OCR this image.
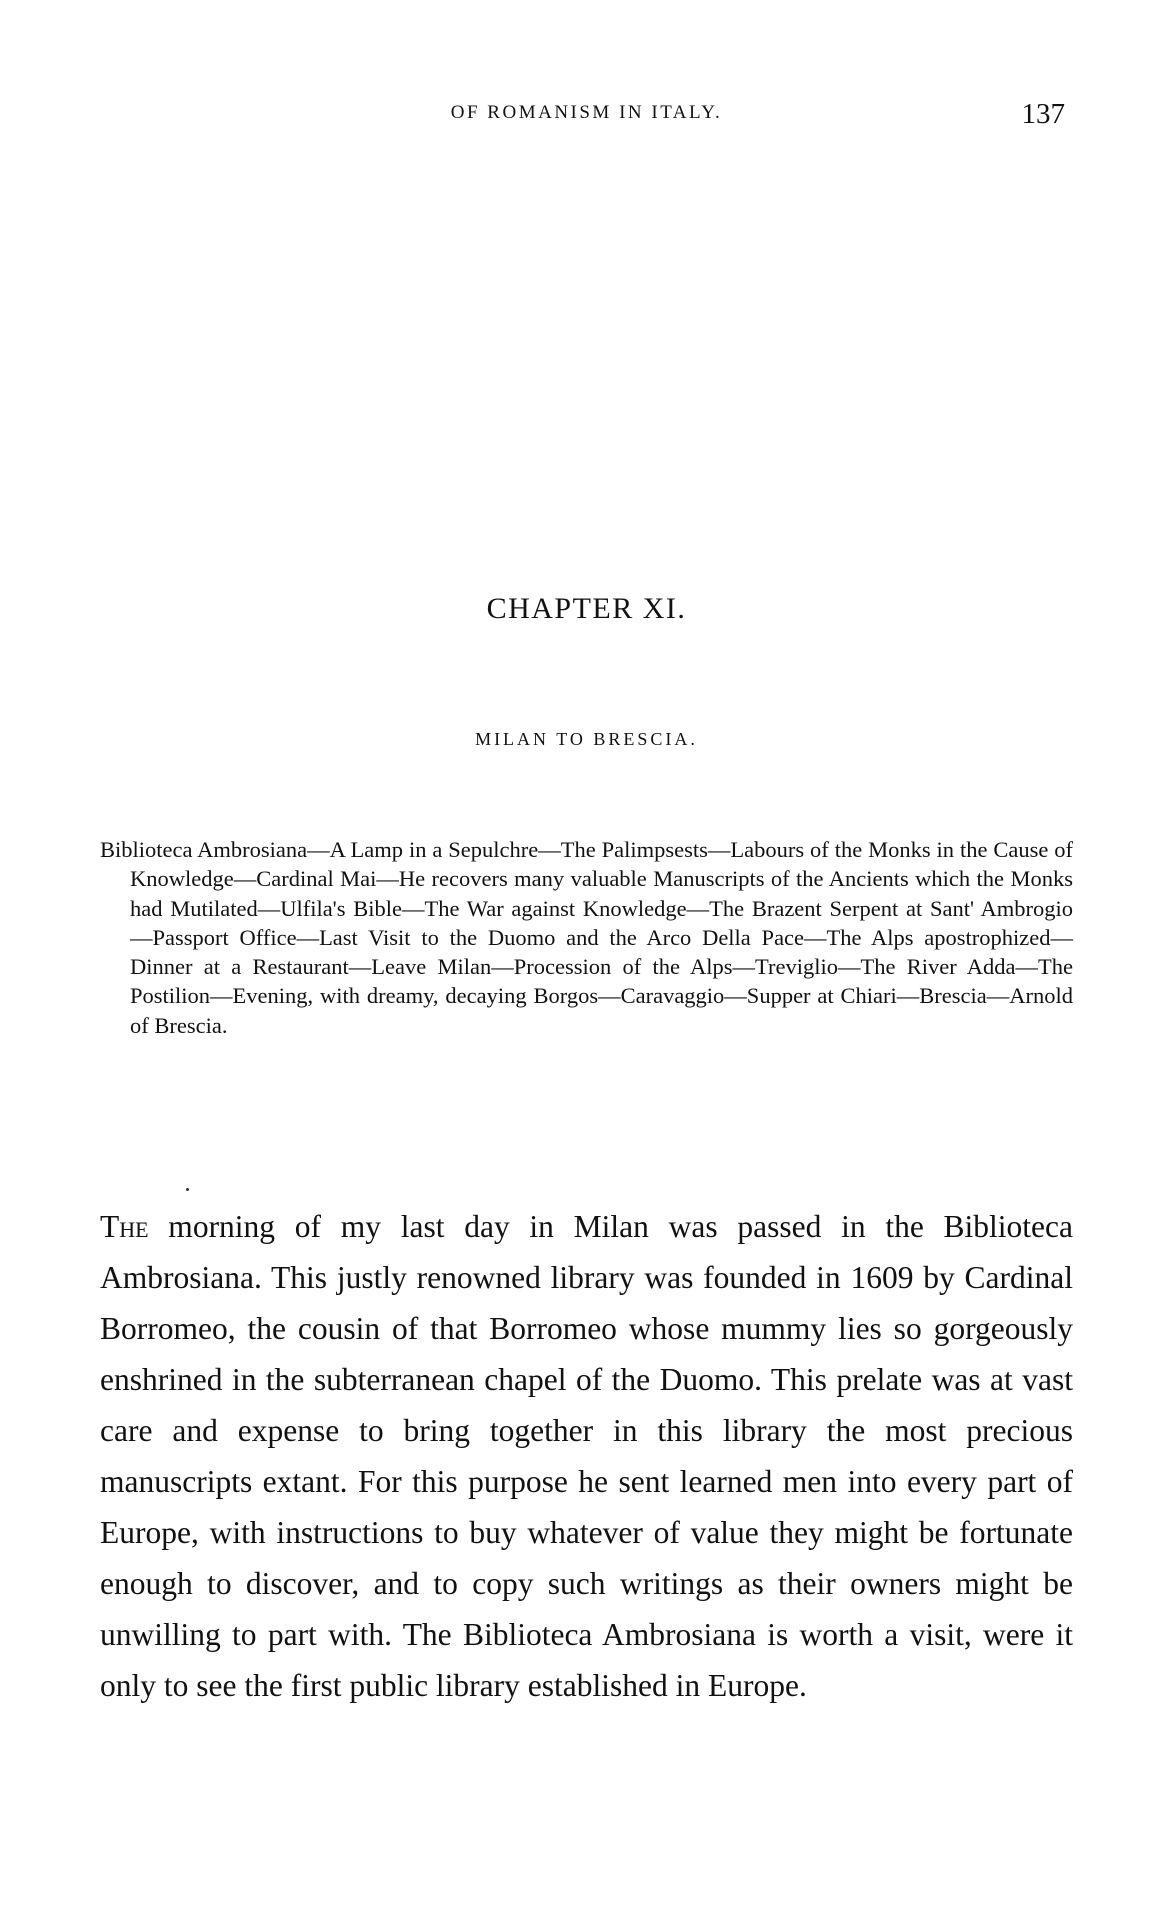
OF ROMANISM IN ITALY.	137
CHAPTER XI.
MILAN TO BRESCIA.

Biblioteca Ambrosiana—A Lamp in a Sepulchre—The Palimpsests—Labours of the Monks in the Cause of Knowledge—Cardinal Mai—He recovers many valuable Manuscripts of the Ancients which the Monks had Mutilated—Ulfila's Bible—The War against Knowledge—The Brazent Serpent at Sant' Ambrogio—Passport Office—Last Visit to the Duomo and the Arco Della Pace—The Alps apostrophized—Dinner at a Restaurant—Leave Milan—Procession of the Alps—Treviglio—The River Adda—The Postilion—Evening, with dreamy, decaying Borgos—Caravaggio—Supper at Chiari—Brescia—Arnold of Brescia.

The morning of my last day in Milan was passed in the Biblioteca Ambrosiana. This justly renowned library was founded in 1609 by Cardinal Borromeo, the cousin of that Borromeo whose mummy lies so gorgeously enshrined in the subterranean chapel of the Duomo. This prelate was at vast care and expense to bring together in this library the most precious manuscripts extant. For this purpose he sent learned men into every part of Europe, with instructions to buy whatever of value they might be fortunate enough to discover, and to copy such writings as their owners might be unwilling to part with. The Biblioteca Ambrosiana is worth a visit, were it only to see the first public library established in Europe.
